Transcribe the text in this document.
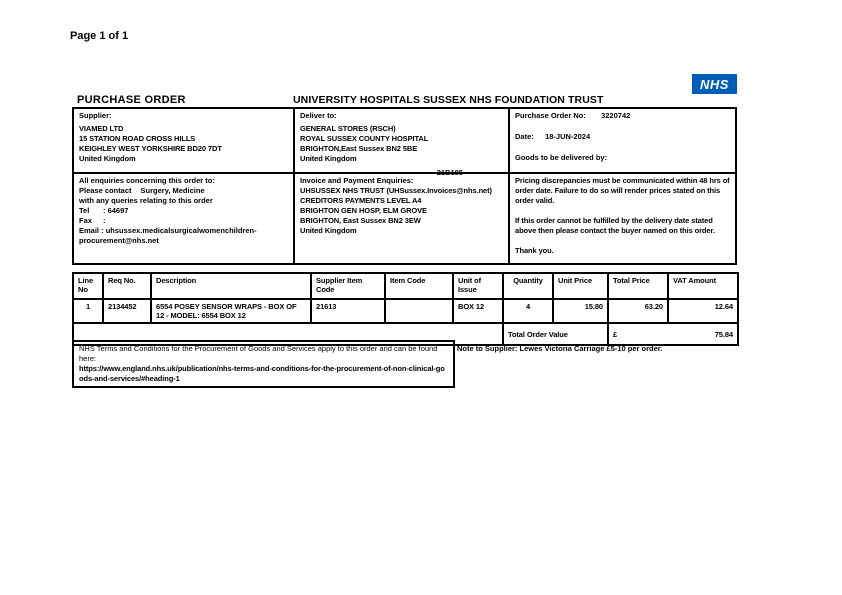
Page 1 of 1
NHS
PURCHASE ORDER	UNIVERSITY HOSPITALS SUSSEX NHS FOUNDATION TRUST
Supplier:
VIAMED LTD
15 STATION ROAD CROSS HILLS
KEIGHLEY WEST YORKSHIRE BD20 7DT
United Kingdom
Deliver to:
GENERAL STORES (RSCH)
ROYAL SUSSEX COUNTY HOSPITAL
BRIGHTON,East Sussex BN2 5BE
United Kingdom
21B185
Purchase Order No: 3220742
Date: 18-JUN-2024
Goods to be delivered by:
All enquiries concerning this order to:
Please contact Surgery, Medicine
with any queries relating to this order
Tel : 64697
Fax :
Email : uhsussex.medicalsurgicalwomenchildren-procurement@nhs.net
Invoice and Payment Enquiries:
UHSUSSEX NHS TRUST (UHSussex.Invoices@nhs.net)
CREDITORS PAYMENTS LEVEL A4
BRIGHTON GEN HOSP, ELM GROVE
BRIGHTON, East Sussex BN2 3EW
United Kingdom

Pricing discrepancies must be communicated within 48 hrs of order date. Failure to do so will render prices stated on this order valid.

If this order cannot be fulfilled by the delivery date stated above then please contact the buyer named on this order.

Thank you.

Line No	Req No.	Description	Supplier Item Code	Item Code	Unit of Issue	Quantity	Unit Price	Total Price	VAT Amount
1	2134452	6554 POSEY SENSOR WRAPS - BOX OF 12 - MODEL: 6554 BOX 12	21613		BOX 12	4	15.80	63.20	12.64
						Total Order Value		£ 75.84	
NHS Terms and Conditions for the Procurement of Goods and Services apply to this order and can be found here:
https://www.england.nhs.uk/publication/nhs-terms-and-conditions-for-the-procurement-of-non-clinical-goods-and-services/#heading-1
Note to Supplier: Lewes Victoria Carriage £5-10 per order.
